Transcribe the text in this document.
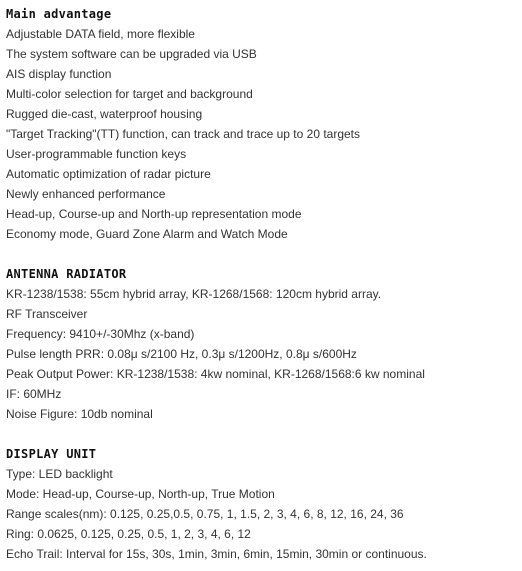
Main advantage
Adjustable DATA field, more flexible
The system software can be upgraded via USB
AIS display function
Multi-color selection for target and background
Rugged die-cast, waterproof housing
"Target Tracking"(TT) function, can track and trace up to 20 targets
User-programmable function keys
Automatic optimization of radar picture
Newly enhanced performance
Head-up, Course-up and North-up representation mode
Economy mode, Guard Zone Alarm and Watch Mode
ANTENNA RADIATOR
KR-1238/1538: 55cm hybrid array, KR-1268/1568: 120cm hybrid array.
RF Transceiver
Frequency: 9410+/-30Mhz (x-band)
Pulse length PRR: 0.08μ s/2100 Hz, 0.3μ s/1200Hz, 0.8μ s/600Hz
Peak Output Power: KR-1238/1538: 4kw nominal, KR-1268/1568:6 kw nominal
IF: 60MHz
Noise Figure: 10db nominal
DISPLAY UNIT
Type: LED backlight
Mode: Head-up, Course-up, North-up, True Motion
Range scales(nm): 0.125, 0.25,0.5, 0.75, 1, 1.5, 2, 3, 4, 6, 8, 12, 16, 24, 36
Ring: 0.0625, 0.125, 0.25, 0.5, 1, 2, 3, 4, 6, 12
Echo Trail: Interval for 15s, 30s, 1min, 3min, 6min, 15min, 30min or continuous.
